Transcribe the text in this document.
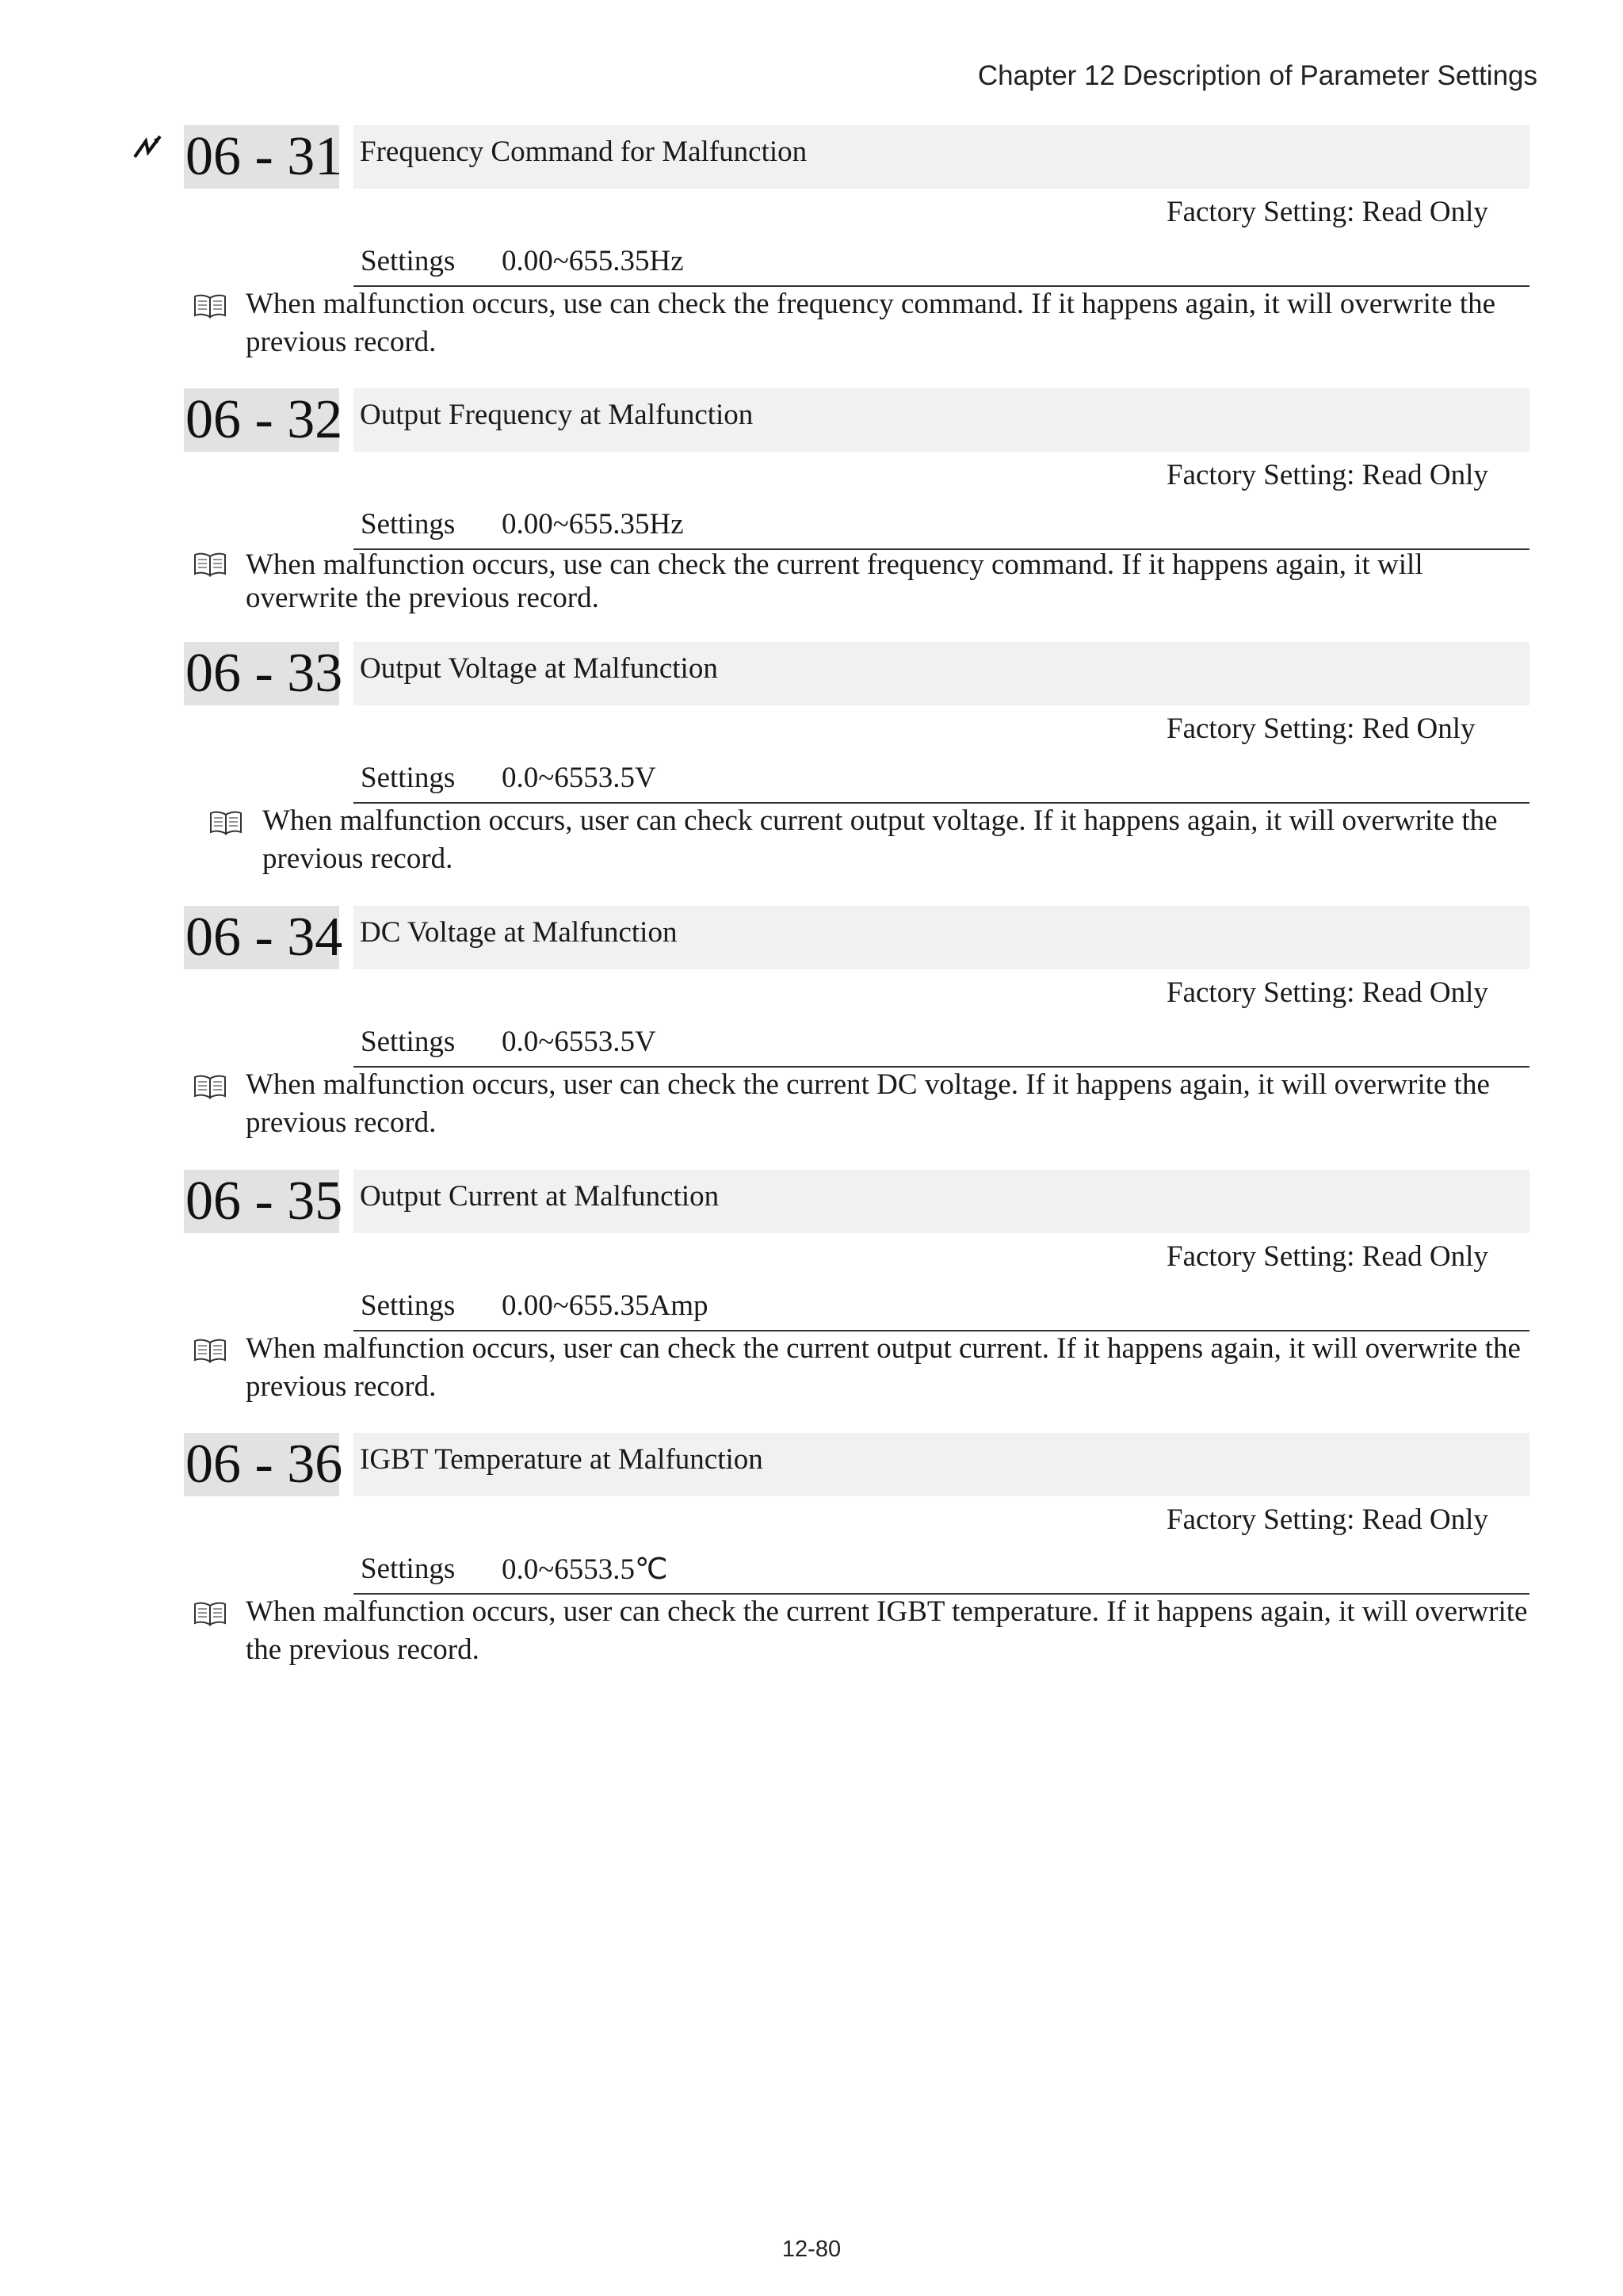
Chapter 12 Description of Parameter Settings
06 - 31 Frequency Command for Malfunction
Factory Setting: Read Only
Settings 0.00~655.35Hz
When malfunction occurs, use can check the frequency command. If it happens again, it will overwrite the previous record.
06 - 32 Output Frequency at Malfunction
Factory Setting: Read Only
Settings 0.00~655.35Hz
When malfunction occurs, use can check the current frequency command. If it happens again, it will overwrite the previous record.
06 - 33 Output Voltage at Malfunction
Factory Setting: Red Only
Settings 0.0~6553.5V
When malfunction occurs, user can check current output voltage. If it happens again, it will overwrite the previous record.
06 - 34 DC Voltage at Malfunction
Factory Setting: Read Only
Settings 0.0~6553.5V
When malfunction occurs, user can check the current DC voltage. If it happens again, it will overwrite the previous record.
06 - 35 Output Current at Malfunction
Factory Setting: Read Only
Settings 0.00~655.35Amp
When malfunction occurs, user can check the current output current. If it happens again, it will overwrite the previous record.
06 - 36 IGBT Temperature at Malfunction
Factory Setting: Read Only
Settings 0.0~6553.5℃
When malfunction occurs, user can check the current IGBT temperature. If it happens again, it will overwrite the previous record.
12-80
